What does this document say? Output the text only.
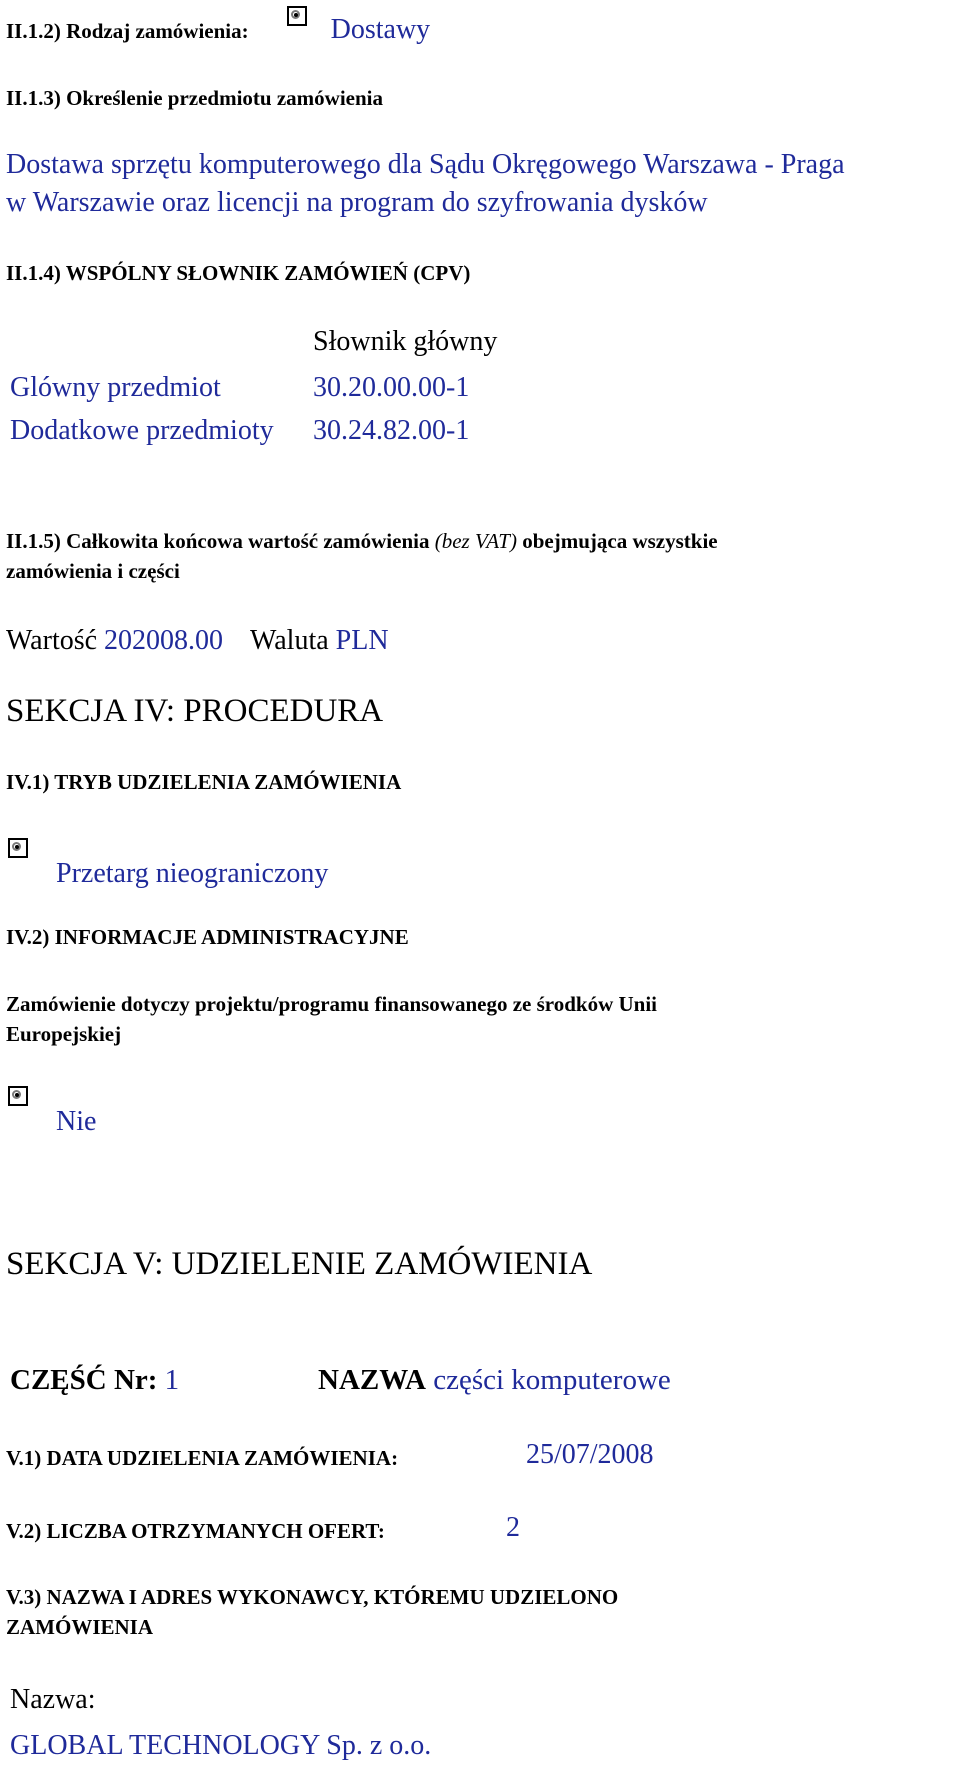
II.1.2) Rodzaj zamówienia:	Dostawy
II.1.3) Określenie przedmiotu zamówienia
Dostawa sprzętu komputerowego dla Sądu Okręgowego Warszawa - Praga
w Warszawie oraz licencji na program do szyfrowania dysków
II.1.4) WSPÓLNY SŁOWNIK ZAMÓWIEŃ (CPV)
Słownik główny
Glówny przedmiot	30.20.00.00-1
Dodatkowe przedmioty 30.24.82.00-1
II.1.5) Całkowita końcowa wartość zamówienia (bez VAT) obejmująca wszystkie
zamówienia i części
Wartość 202008.00 Waluta PLN
SEKCJA IV: PROCEDURA
IV.1) TRYB UDZIELENIA ZAMÓWIENIA
Przetarg nieograniczony
IV.2) INFORMACJE ADMINISTRACYJNE
Zamówienie dotyczy projektu/programu finansowanego ze środków Unii
Europejskiej
Nie
SEKCJA V: UDZIELENIE ZAMÓWIENIA
CZĘŚĆ Nr: 1	NAZWA części komputerowe
V.1) DATA UDZIELENIA ZAMÓWIENIA:	25/07/2008
V.2) LICZBA OTRZYMANYCH OFERT:	2
V.3) NAZWA I ADRES WYKONAWCY, KTÓREMU UDZIELONO
ZAMÓWIENIA
Nazwa:
GLOBAL TECHNOLOGY Sp. z o.o.
